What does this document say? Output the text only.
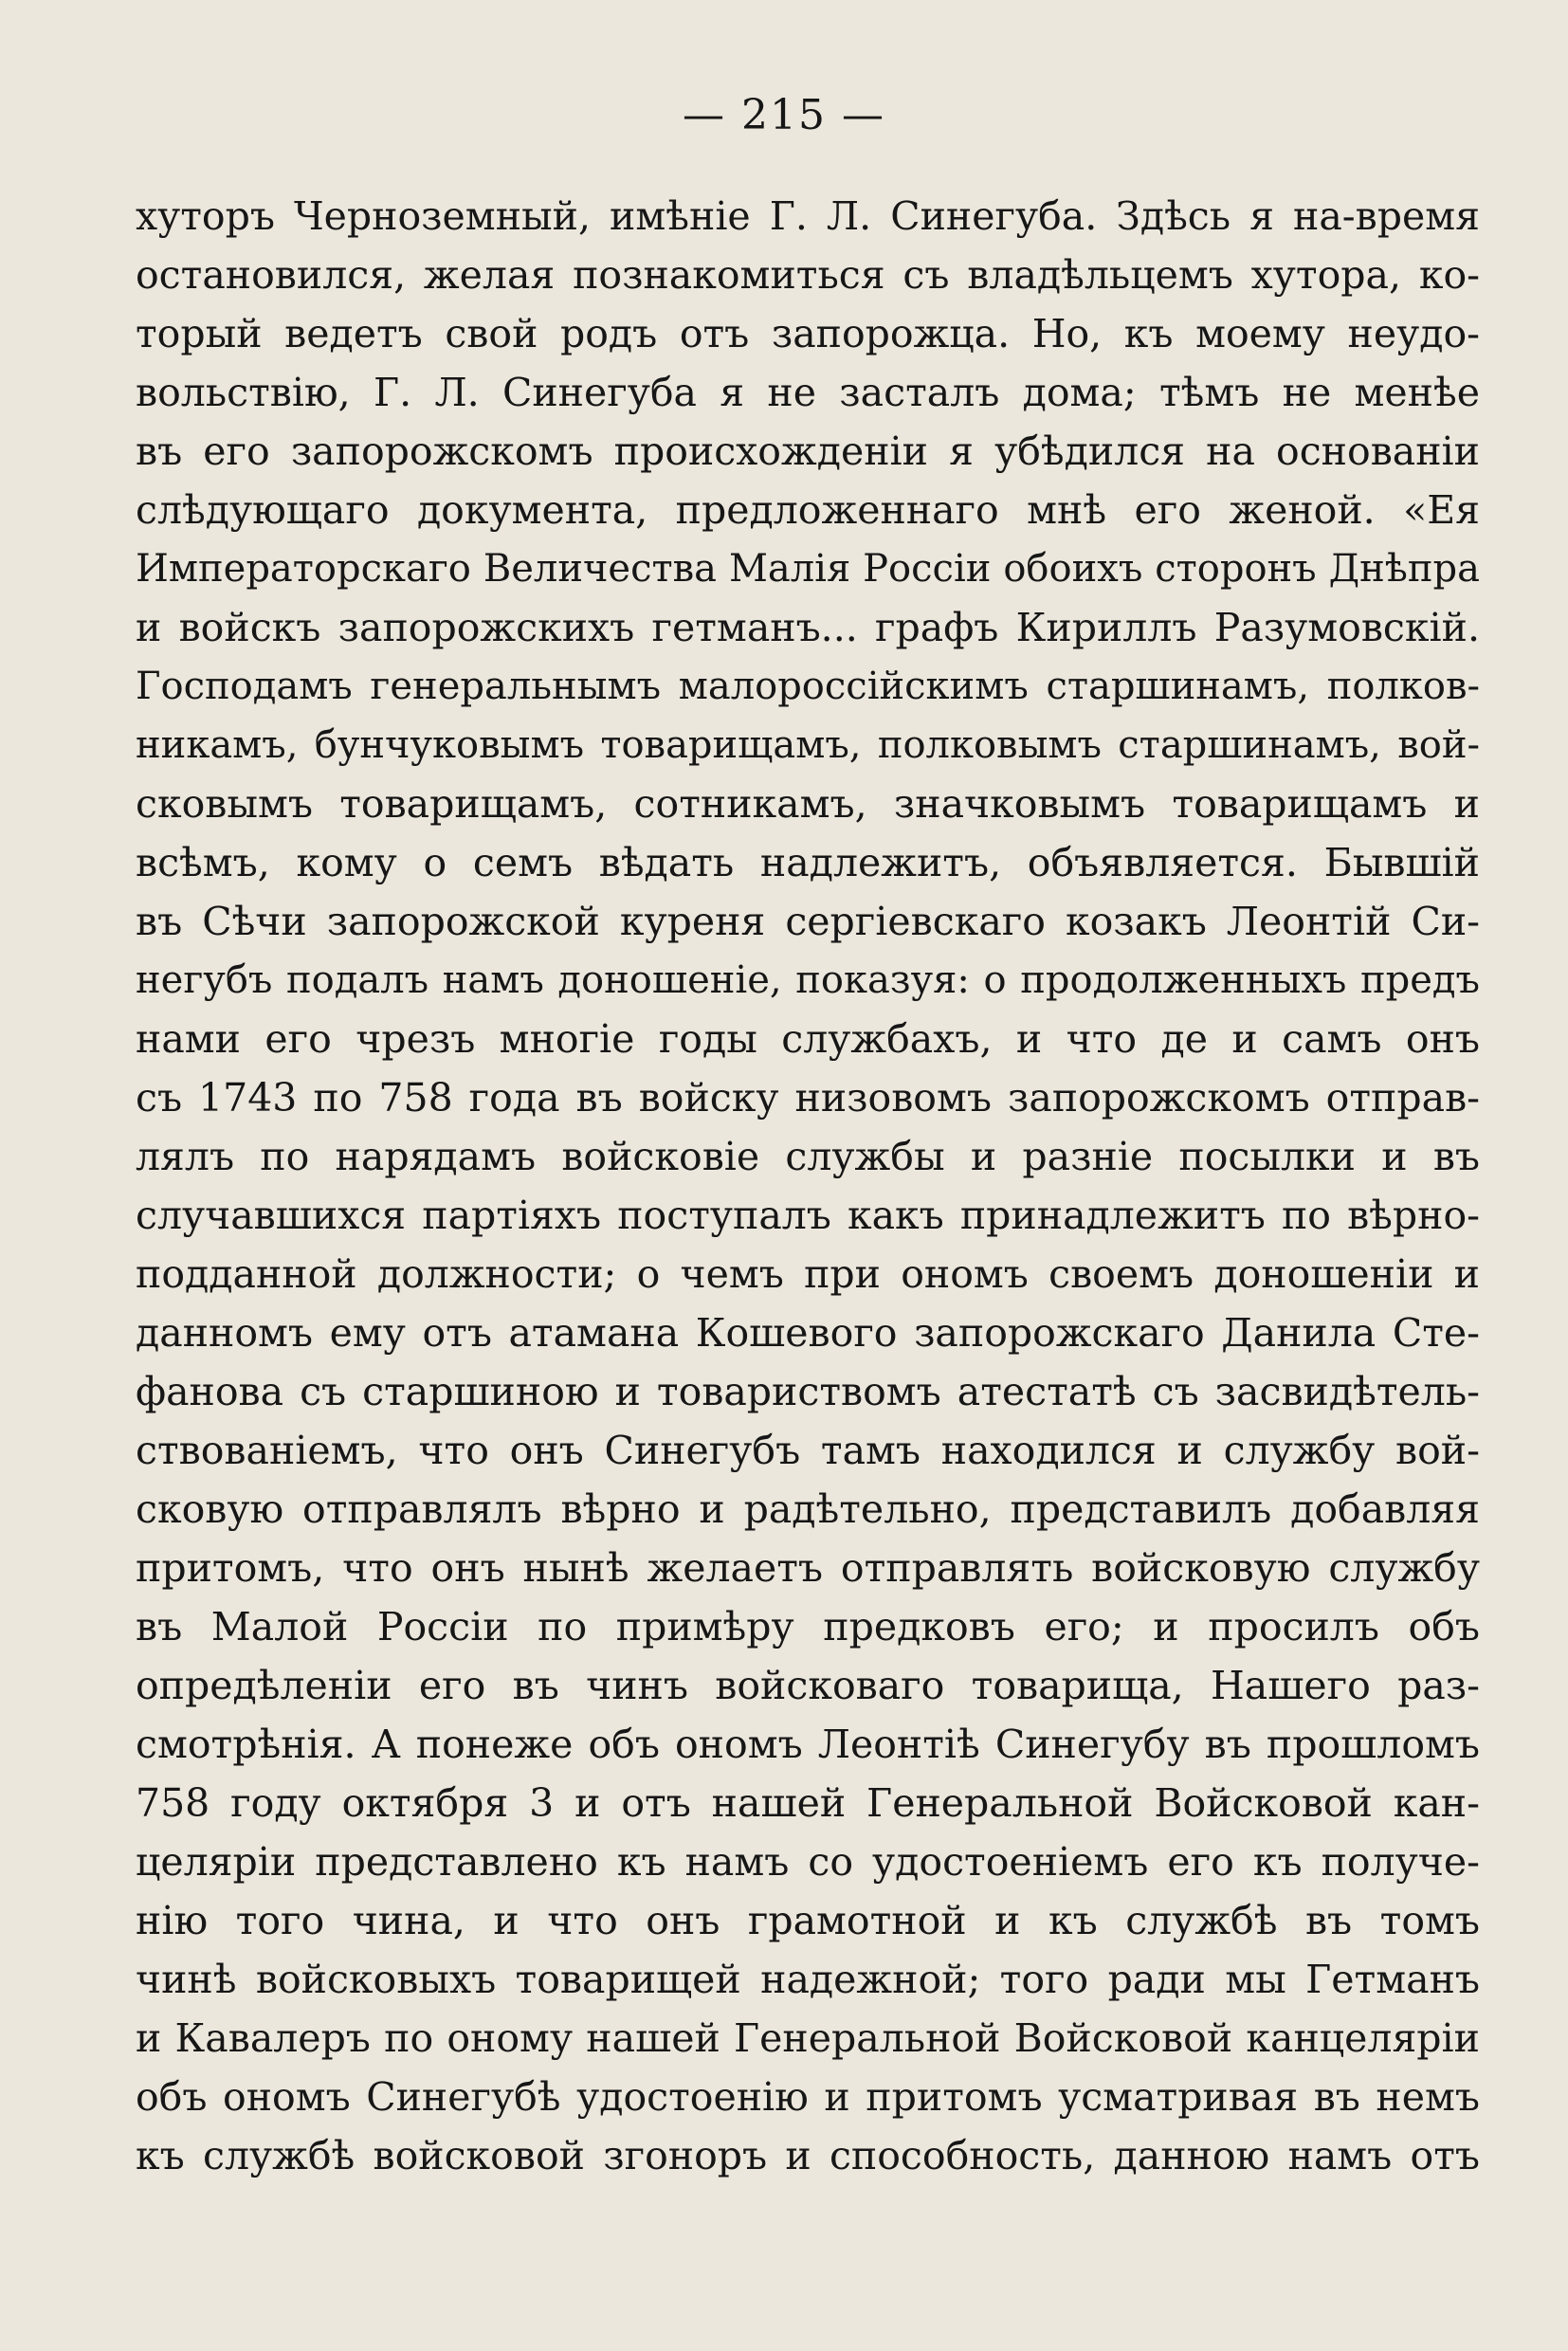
— 215 —
хуторъ Черноземный, имѣніе Г. Л. Синегуба. Здѣсь я на-время
остановился, желая познакомиться съ владѣльцемъ хутора, ко-
торый ведетъ свой родъ отъ запорожца. Но, къ моему неудо-
вольствію, Г. Л. Синегуба я не засталъ дома; тѣмъ не менѣе
въ его запорожскомъ происхожденіи я убѣдился на основаніи
слѣдующаго документа, предложеннаго мнѣ его женой. «Ея
Императорскаго Величества Малія Россіи обоихъ сторонъ Днѣпра
и войскъ запорожскихъ гетманъ... графъ Кириллъ Разумовскій.
Господамъ генеральнымъ малороссійскимъ старшинамъ, полков-
никамъ, бунчуковымъ товарищамъ, полковымъ старшинамъ, вой-
сковымъ товарищамъ, сотникамъ, значковымъ товарищамъ и
всѣмъ, кому о семъ вѣдать надлежитъ, объявляется. Бывшій
въ Сѣчи запорожской куреня сергіевскаго козакъ Леонтій Си-
негубъ подалъ намъ доношеніе, показуя: о продолженныхъ предъ
нами его чрезъ многіе годы службахъ, и что де и самъ онъ
съ 1743 по 758 года въ войску низовомъ запорожскомъ отправ-
лялъ по нарядамъ войсковіе службы и разніе посылки и въ
случавшихся партіяхъ поступалъ какъ принадлежитъ по вѣрно-
подданной должности; о чемъ при ономъ своемъ доношеніи и
данномъ ему отъ атамана Кошевого запорожскаго Данила Сте-
фанова съ старшиною и товариствомъ атестатѣ съ засвидѣтель-
ствованіемъ, что онъ Синегубъ тамъ находился и службу вой-
сковую отправлялъ вѣрно и радѣтельно, представилъ добавляя
притомъ, что онъ нынѣ желаетъ отправлять войсковую службу
въ Малой Россіи по примѣру предковъ его; и просилъ объ
опредѣленіи его въ чинъ войсковаго товарища, Нашего раз-
смотрѣнія. А понеже объ ономъ Леонтіѣ Синегубу въ прошломъ
758 году октября 3 и отъ нашей Генеральной Войсковой кан-
целяріи представлено къ намъ со удостоеніемъ его къ получе-
нію того чина, и что онъ грамотной и къ службѣ въ томъ
чинѣ войсковыхъ товарищей надежной; того ради мы Гетманъ
и Кавалеръ по оному нашей Генеральной Войсковой канцеляріи
объ ономъ Синегубѣ удостоенію и притомъ усматривая въ немъ
къ службѣ войсковой згоноръ и способность, данною намъ отъ
